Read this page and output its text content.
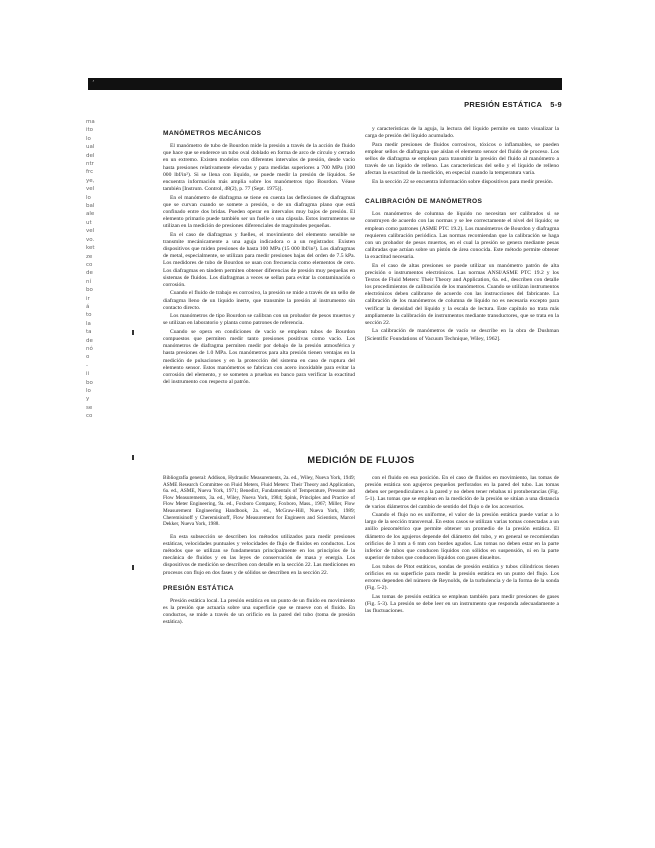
’
PRESIÓN ESTÁTICA 5-9
ma
ito
lo
ual
del
ntr
frc
ye,
vel
lo
bal
ale
ut
vel
vo.
ket
ze
co
de
ní
bo
ir
á
to
la
ta
de
nó
o
-
ii
bo
lo
y
se
co
MANÓMETROS MECÁNICOS

El manómetro de tubo de Bourdon mide la presión a través de la acción de fluido que hace que se enderece un tubo oval doblado en forma de arco de círculo y cerrado en un extremo. Existen modelos con diferentes intervalos de presión, desde vacío hasta presiones relativamente elevadas y para medidas superiores a 700 MPa (100 000 lbf/in²). Si se llena con líquido, se puede medir la presión de líquidos. Se encuentra información más amplia sobre los manómetros tipo Bourdon. Véase también [Instrum. Control, 48(2), p. 77 (Sept. 1975)].

En el manómetro de diafragma se tiene en cuenta las deflexiones de diafragmas que se curvan cuando se somete a presión, o de un diafragma plano que está confinado entre dos bridas. Pueden operar en intervalos muy bajos de presión. El elemento primario puede también ser un fuelle o una cápsula. Estos instrumentos se utilizan en la medición de presiones diferenciales de magnitudes pequeñas.

En el caso de diafragmas y fuelles, el movimiento del elemento sensible se transmite mecánicamente a una aguja indicadora o a un registrador. Existen dispositivos que miden presiones de hasta 100 MPa (15 000 lbf/in²). Los diafragmas de metal, especialmente, se utilizan para medir presiones bajas del orden de 7.5 kPa. Los medidores de tubo de Bourdon se usan con frecuencia como elementos de cero. Los diafragmas en tándem permiten obtener diferencias de presión muy pequeñas en sistemas de fluidos. Los diafragmas a veces se sellan para evitar la contaminación o corrosión.

Cuando el fluido de trabajo es corrosivo, la presión se mide a través de un sello de diafragma lleno de un líquido inerte, que transmite la presión al instrumento sin contacto directo.

Los manómetros de tipo Bourdon se calibran con un probador de pesos muertos y se utilizan en laboratorio y planta como patrones de referencia.

Cuando se opera en condiciones de vacío se emplean tubos de Bourdon compuestos que permiten medir tanto presiones positivas como vacío. Los manómetros de diafragma permiten medir por debajo de la presión atmosférica y hasta presiones de 1.0 MPa. Los manómetros para alta presión tienen ventajas en la medición de pulsaciones y en la protección del sistema en caso de ruptura del elemento sensor. Estos manómetros se fabrican con acero inoxidable para evitar la corrosión del elemento, y se someten a pruebas en banco para verificar la exactitud del instrumento con respecto al patrón.

y características de la aguja, la lectura del líquido permite en tanto visualizar la carga de presión del líquido acumulado.

Para medir presiones de fluidos corrosivos, tóxicos o inflamables, se pueden emplear sellos de diafragma que aíslan el elemento sensor del fluido de proceso. Los sellos de diafragma se emplean para transmitir la presión del fluido al manómetro a través de un líquido de relleno. Las características del sello y el líquido de relleno afectan la exactitud de la medición, en especial cuando la temperatura varía.

En la sección 22 se encuentra información sobre dispositivos para medir presión.

CALIBRACIÓN DE MANÓMETROS

Los manómetros de columna de líquido no necesitan ser calibrados si se construyen de acuerdo con las normas y se lee correctamente el nivel del líquido; se emplean como patrones (ASME PTC 19.2). Los manómetros de Bourdon y diafragma requieren calibración periódica. Las normas recomiendan que la calibración se haga con un probador de pesos muertos, en el cual la presión se genera mediante pesas calibradas que actúan sobre un pistón de área conocida. Este método permite obtener la exactitud necesaria.

En el caso de altas presiones se puede utilizar un manómetro patrón de alta precisión o instrumentos electrónicos. Las normas ANSI/ASME PTC 19.2 y los Textos de Fluid Meters: Their Theory and Application, 6a. ed., describen con detalle los procedimientos de calibración de los manómetros. Cuando se utilizan instrumentos electrónicos deben calibrarse de acuerdo con las instrucciones del fabricante. La calibración de los manómetros de columna de líquido no es necesaria excepto para verificar la densidad del líquido y la escala de lectura. Este capítulo no trata más ampliamente la calibración de instrumentos mediante transductores, que se trata en la sección 22.

La calibración de manómetros de vacío se describe en la obra de Dushman [Scientific Foundations of Vacuum Technique, Wiley, 1962].

MEDICIÓN DE FLUJOS

Bibliografía general: Addison, Hydraulic Measurements, 2a. ed., Wiley, Nueva York, 1949; ASME Research Committee on Fluid Meters, Fluid Meters: Their Theory and Application, 6a. ed., ASME, Nueva York, 1971; Benedict, Fundamentals of Temperature, Pressure and Flow Measurements, 3a. ed., Wiley, Nueva York, 1984; Spink, Principles and Practice of Flow Meter Engineering, 9a. ed., Foxboro Company, Foxboro, Mass., 1967; Miller, Flow Measurement Engineering Handbook, 2a. ed., McGraw-Hill, Nueva York, 1989; Cheremisinoff y Cheremisinoff, Flow Measurement for Engineers and Scientists, Marcel Dekker, Nueva York, 1988.

En esta subsección se describen los métodos utilizados para medir presiones estáticas, velocidades puntuales y velocidades de flujo de fluidos en conductos. Los métodos que se utilizan se fundamentan principalmente en los principios de la mecánica de fluidos y en las leyes de conservación de masa y energía. Los dispositivos de medición se describen con detalle en la sección 22. Las mediciones en procesos con flujo en dos fases y de sólidos se describen en la sección 22.

PRESIÓN ESTÁTICA

Presión estática local. La presión estática en un punto de un fluido en movimiento es la presión que actuaría sobre una superficie que se mueve con el fluido. En conductos, se mide a través de un orificio en la pared del tubo (toma de presión estática).

con el fluido en esa posición. En el caso de fluidos en movimiento, las tomas de presión estática son agujeros pequeños perforados en la pared del tubo. Las tomas deben ser perpendiculares a la pared y no deben tener rebabas ni protuberancias (Fig. 5-1). Las tomas que se emplean en la medición de la presión se sitúan a una distancia de varios diámetros del cambio de sentido del flujo o de los accesorios.

Cuando el flujo no es uniforme, el valor de la presión estática puede variar a lo largo de la sección transversal. En estos casos se utilizan varias tomas conectadas a un anillo piezométrico que permite obtener un promedio de la presión estática. El diámetro de los agujeros depende del diámetro del tubo, y en general se recomiendan orificios de 3 mm a 6 mm con bordes agudos. Las tomas no deben estar en la parte inferior de tubos que conducen líquidos con sólidos en suspensión, ni en la parte superior de tubos que conducen líquidos con gases disueltos.

Los tubos de Pitot estáticos, sondas de presión estática y tubos cilíndricos tienen orificios en su superficie para medir la presión estática en un punto del flujo. Los errores dependen del número de Reynolds, de la turbulencia y de la forma de la sonda (Fig. 5-2).

Las tomas de presión estática se emplean también para medir presiones de gases (Fig. 5-3). La presión se debe leer en un instrumento que responda adecuadamente a las fluctuaciones.
